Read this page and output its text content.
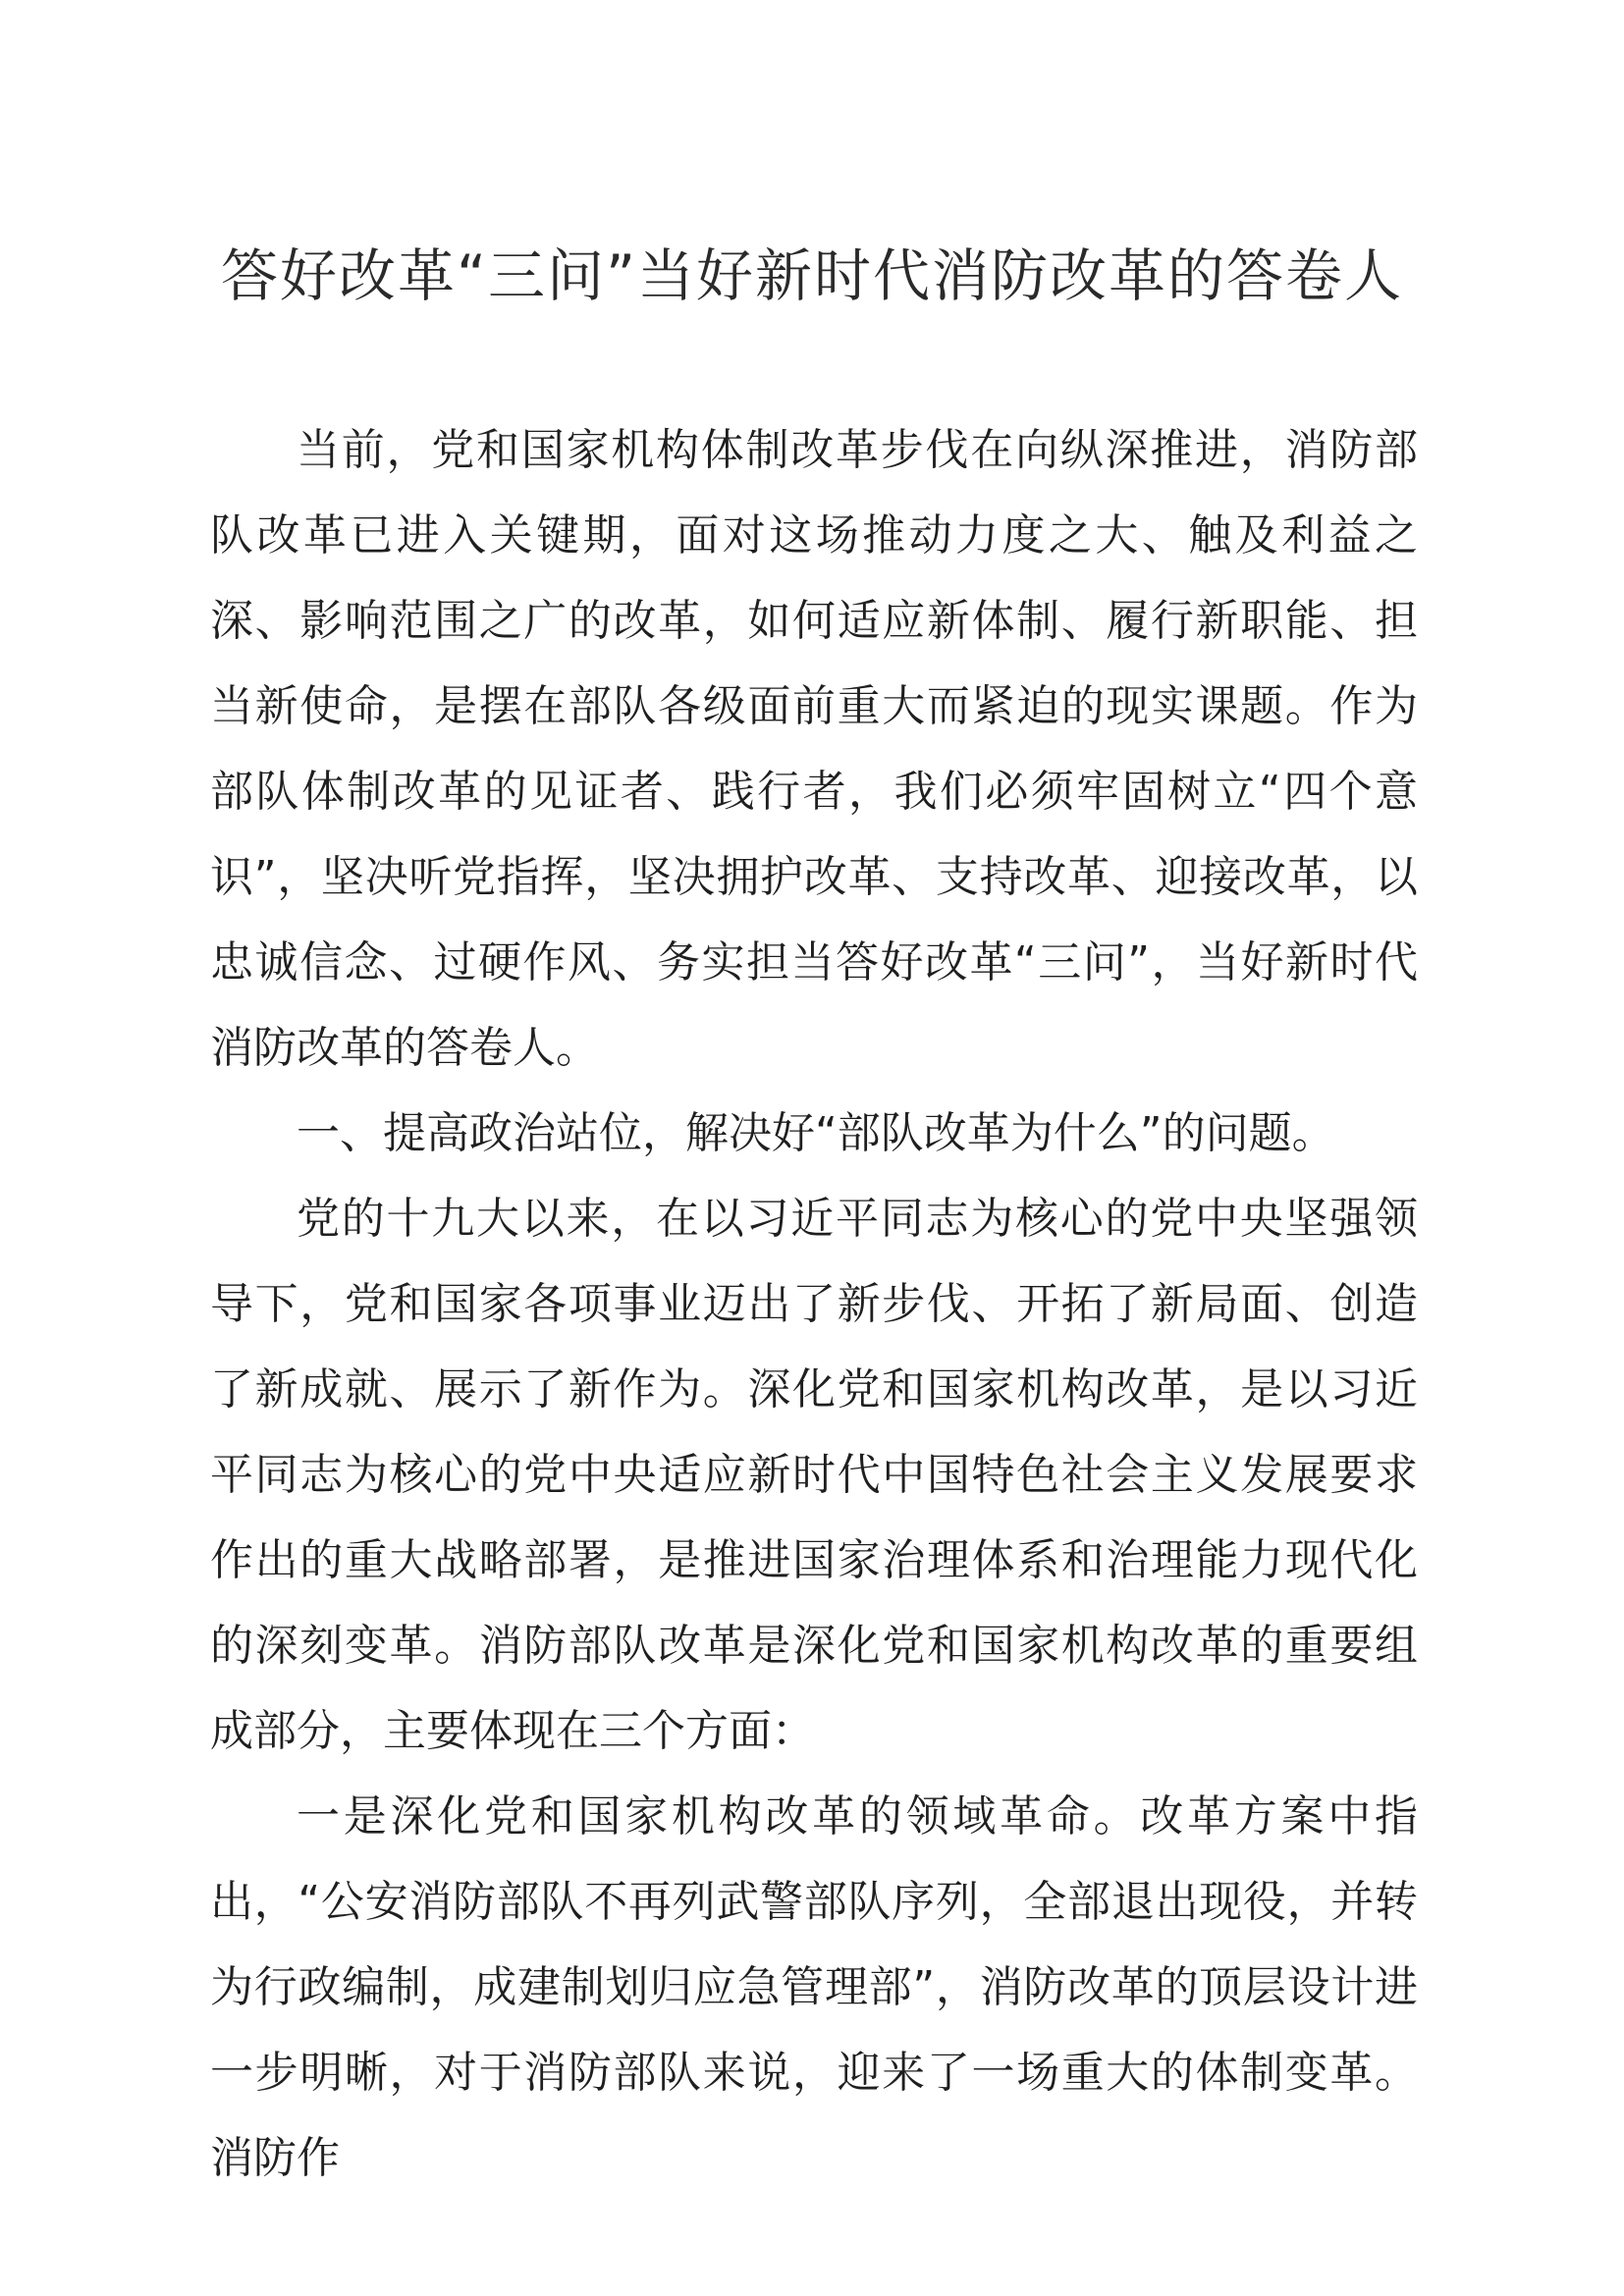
答好改革“三问”当好新时代消防改革的答卷人

当前，党和国家机构体制改革步伐在向纵深推进，消防部队改革已进入关键期，面对这场推动力度之大、触及利益之深、影响范围之广的改革，如何适应新体制、履行新职能、担当新使命，是摆在部队各级面前重大而紧迫的现实课题。作为部队体制改革的见证者、践行者，我们必须牢固树立“四个意识”，坚决听党指挥，坚决拥护改革、支持改革、迎接改革，以忠诚信念、过硬作风、务实担当答好改革“三问”，当好新时代消防改革的答卷人。

一、提高政治站位，解决好“部队改革为什么”的问题。

党的十九大以来，在以习近平同志为核心的党中央坚强领导下，党和国家各项事业迈出了新步伐、开拓了新局面、创造了新成就、展示了新作为。深化党和国家机构改革，是以习近平同志为核心的党中央适应新时代中国特色社会主义发展要求作出的重大战略部署，是推进国家治理体系和治理能力现代化的深刻变革。消防部队改革是深化党和国家机构改革的重要组成部分，主要体现在三个方面：

一是深化党和国家机构改革的领域革命。改革方案中指出，“公安消防部队不再列武警部队序列，全部退出现役，并转为行政编制，成建制划归应急管理部”，消防改革的顶层设计进一步明晰，对于消防部队来说，迎来了一场重大的体制变革。消防作
